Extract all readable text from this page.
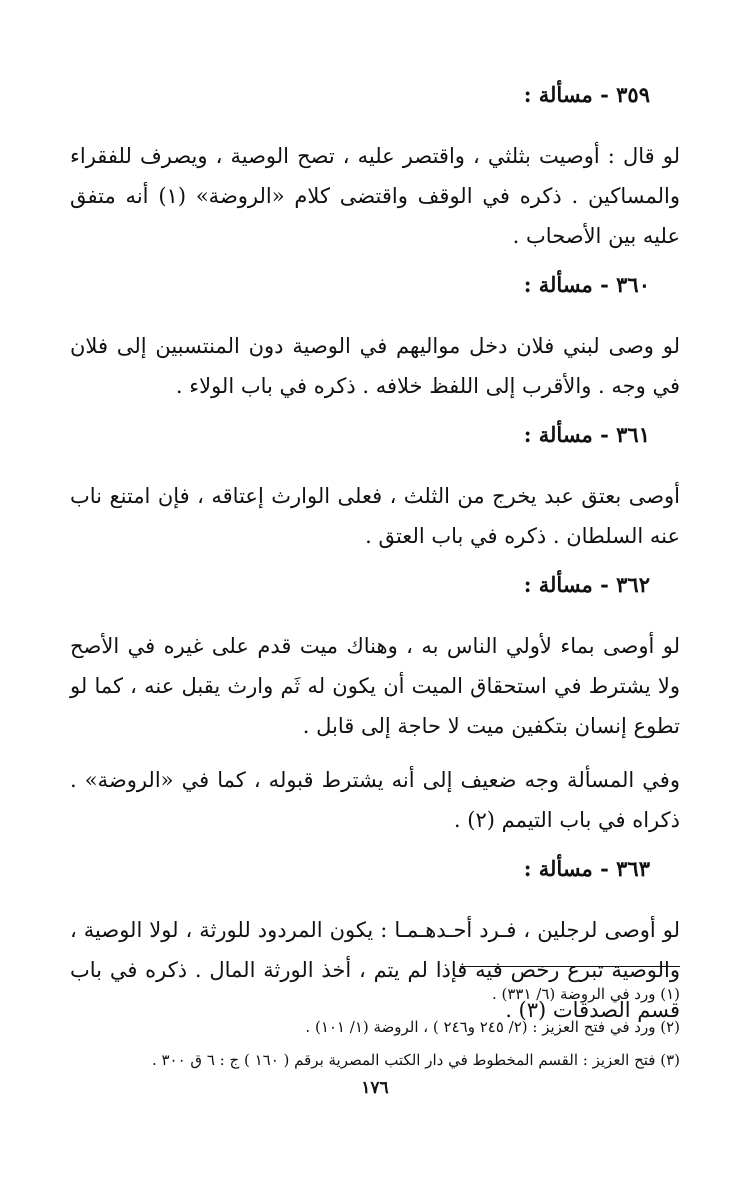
٣٥٩ - مسألة :

لو قال : أوصيت بثلثي ، واقتصر عليه ، تصح الوصية ، ويصرف للفقراء والمساكين . ذكره في الوقف واقتضى كلام «الروضة» (١) أنه متفق عليه بين الأصحاب .

٣٦٠ - مسألة :

لو وصى لبني فلان دخل مواليهم في الوصية دون المنتسبين إلى فلان في وجه . والأقرب إلى اللفظ خلافه . ذكره في باب الولاء .

٣٦١ - مسألة :

أوصى بعتق عبد يخرج من الثلث ، فعلى الوارث إعتاقه ، فإن امتنع ناب عنه السلطان . ذكره في باب العتق .

٣٦٢ - مسألة :

لو أوصى بماء لأولي الناس به ، وهناك ميت قدم على غيره في الأصح ولا يشترط في استحقاق الميت أن يكون له ثَم وارث يقبل عنه ، كما لو تطوع إنسان بتكفين ميت لا حاجة إلى قابل .

وفي المسألة وجه ضعيف إلى أنه يشترط قبوله ، كما في «الروضة» . ذكراه في باب التيمم (٢) .

٣٦٣ - مسألة :

لو أوصى لرجلين ، فـرد أحـدهـمـا : يكون المردود للورثة ، لولا الوصية ، والوصية تبرع رخص فيه فإذا لم يتم ، أخذ الورثة المال . ذكره في باب قسم الصدقات (٣) .

(١) ورد في الروضة (٦/ ٣٣١) .
(٢) ورد في فتح العزيز : (٢/ ٢٤٥ و٢٤٦ ) ، الروضة (١/ ١٠١) .
(٣) فتح العزيز : القسم المخطوط في دار الكتب المصرية برقم ( ١٦٠ ) ج : ٦ ق ٣٠٠ .
١٧٦
